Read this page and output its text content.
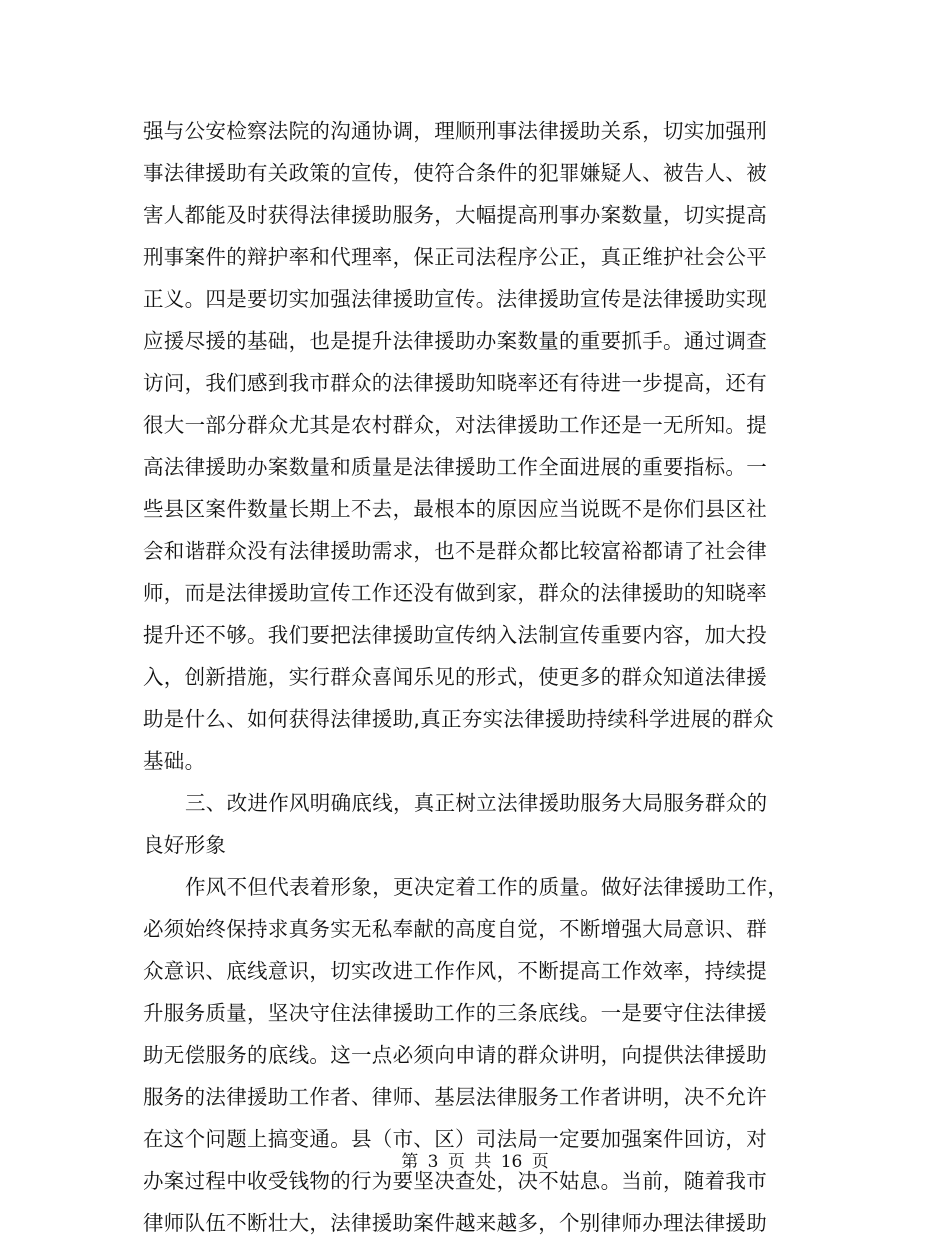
强与公安检察法院的沟通协调，理顺刑事法律援助关系，切实加强刑
事法律援助有关政策的宣传，使符合条件的犯罪嫌疑人、被告人、被
害人都能及时获得法律援助服务，大幅提高刑事办案数量，切实提高
刑事案件的辩护率和代理率，保正司法程序公正，真正维护社会公平
正义。四是要切实加强法律援助宣传。法律援助宣传是法律援助实现
应援尽援的基础，也是提升法律援助办案数量的重要抓手。通过调查
访问，我们感到我市群众的法律援助知晓率还有待进一步提高，还有
很大一部分群众尤其是农村群众，对法律援助工作还是一无所知。提
高法律援助办案数量和质量是法律援助工作全面进展的重要指标。一
些县区案件数量长期上不去，最根本的原因应当说既不是你们县区社
会和谐群众没有法律援助需求，也不是群众都比较富裕都请了社会律
师，而是法律援助宣传工作还没有做到家，群众的法律援助的知晓率
提升还不够。我们要把法律援助宣传纳入法制宣传重要内容，加大投
入，创新措施，实行群众喜闻乐见的形式，使更多的群众知道法律援
助是什么、如何获得法律援助,真正夯实法律援助持续科学进展的群众
基础。
三、改进作风明确底线，真正树立法律援助服务大局服务群众的
良好形象
作风不但代表着形象，更决定着工作的质量。做好法律援助工作，
必须始终保持求真务实无私奉献的高度自觉，不断增强大局意识、群
众意识、底线意识，切实改进工作作风，不断提高工作效率，持续提
升服务质量，坚决守住法律援助工作的三条底线。一是要守住法律援
助无偿服务的底线。这一点必须向申请的群众讲明，向提供法律援助
服务的法律援助工作者、律师、基层法律服务工作者讲明，决不允许
在这个问题上搞变通。县（市、区）司法局一定要加强案件回访，对
办案过程中收受钱物的行为要坚决查处，决不姑息。当前，随着我市
律师队伍不断壮大，法律援助案件越来越多，个别律师办理法律援助
第 3 页 共 16 页
